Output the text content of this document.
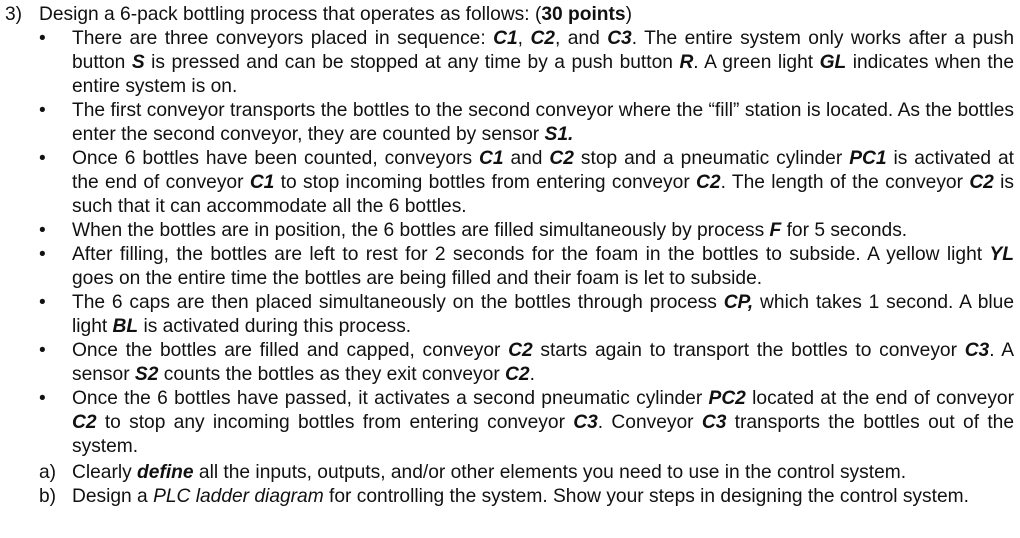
3) Design a 6-pack bottling process that operates as follows: (30 points)
• There are three conveyors placed in sequence: C1, C2, and C3. The entire system only works after a push button S is pressed and can be stopped at any time by a push button R. A green light GL indicates when the entire system is on.
• The first conveyor transports the bottles to the second conveyor where the “fill” station is located. As the bottles enter the second conveyor, they are counted by sensor S1.
• Once 6 bottles have been counted, conveyors C1 and C2 stop and a pneumatic cylinder PC1 is activated at the end of conveyor C1 to stop incoming bottles from entering conveyor C2. The length of the conveyor C2 is such that it can accommodate all the 6 bottles.
• When the bottles are in position, the 6 bottles are filled simultaneously by process F for 5 seconds.
• After filling, the bottles are left to rest for 2 seconds for the foam in the bottles to subside. A yellow light YL goes on the entire time the bottles are being filled and their foam is let to subside.
• The 6 caps are then placed simultaneously on the bottles through process CP, which takes 1 second. A blue light BL is activated during this process.
• Once the bottles are filled and capped, conveyor C2 starts again to transport the bottles to conveyor C3. A sensor S2 counts the bottles as they exit conveyor C2.
• Once the 6 bottles have passed, it activates a second pneumatic cylinder PC2 located at the end of conveyor C2 to stop any incoming bottles from entering conveyor C3. Conveyor C3 transports the bottles out of the system.
a) Clearly define all the inputs, outputs, and/or other elements you need to use in the control system.
b) Design a PLC ladder diagram for controlling the system. Show your steps in designing the control system.
